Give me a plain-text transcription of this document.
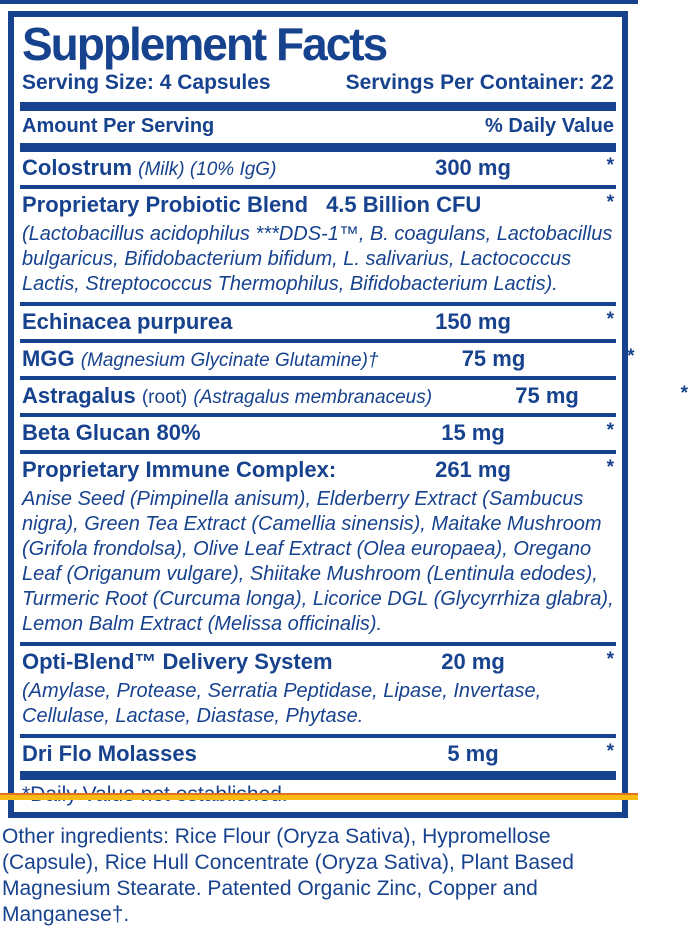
Supplement Facts
Serving Size: 4 Capsules	Servings Per Container: 22
Amount Per Serving	% Daily Value
Colostrum (Milk) (10% IgG)	300 mg	*
Proprietary Probiotic Blend 4.5 Billion CFU	*
(Lactobacillus acidophilus ***DDS-1™, B. coagulans, Lactobacillus bulgaricus, Bifidobacterium bifidum, L. salivarius, Lactococcus Lactis, Streptococcus Thermophilus, Bifidobacterium Lactis).
Echinacea purpurea	150 mg	*
MGG (Magnesium Glycinate Glutamine)†	75 mg	*
Astragalus (root) (Astragalus membranaceus)	75 mg	*
Beta Glucan 80%	15 mg	*
Proprietary Immune Complex:	261 mg	*
Anise Seed (Pimpinella anisum), Elderberry Extract (Sambucus nigra), Green Tea Extract (Camellia sinensis), Maitake Mushroom (Grifola frondolsa), Olive Leaf Extract (Olea europaea), Oregano Leaf (Origanum vulgare), Shiitake Mushroom (Lentinula edodes), Turmeric Root (Curcuma longa), Licorice DGL (Glycyrrhiza glabra), Lemon Balm Extract (Melissa officinalis).
Opti-Blend™ Delivery System	20 mg	*
(Amylase, Protease, Serratia Peptidase, Lipase, Invertase, Cellulase, Lactase, Diastase, Phytase.
Dri Flo Molasses	5 mg	*
Other ingredients: Rice Flour (Oryza Sativa), Hypromellose (Capsule), Rice Hull Concentrate (Oryza Sativa), Plant Based Magnesium Stearate. Patented Organic Zinc, Copper and Manganese†.
